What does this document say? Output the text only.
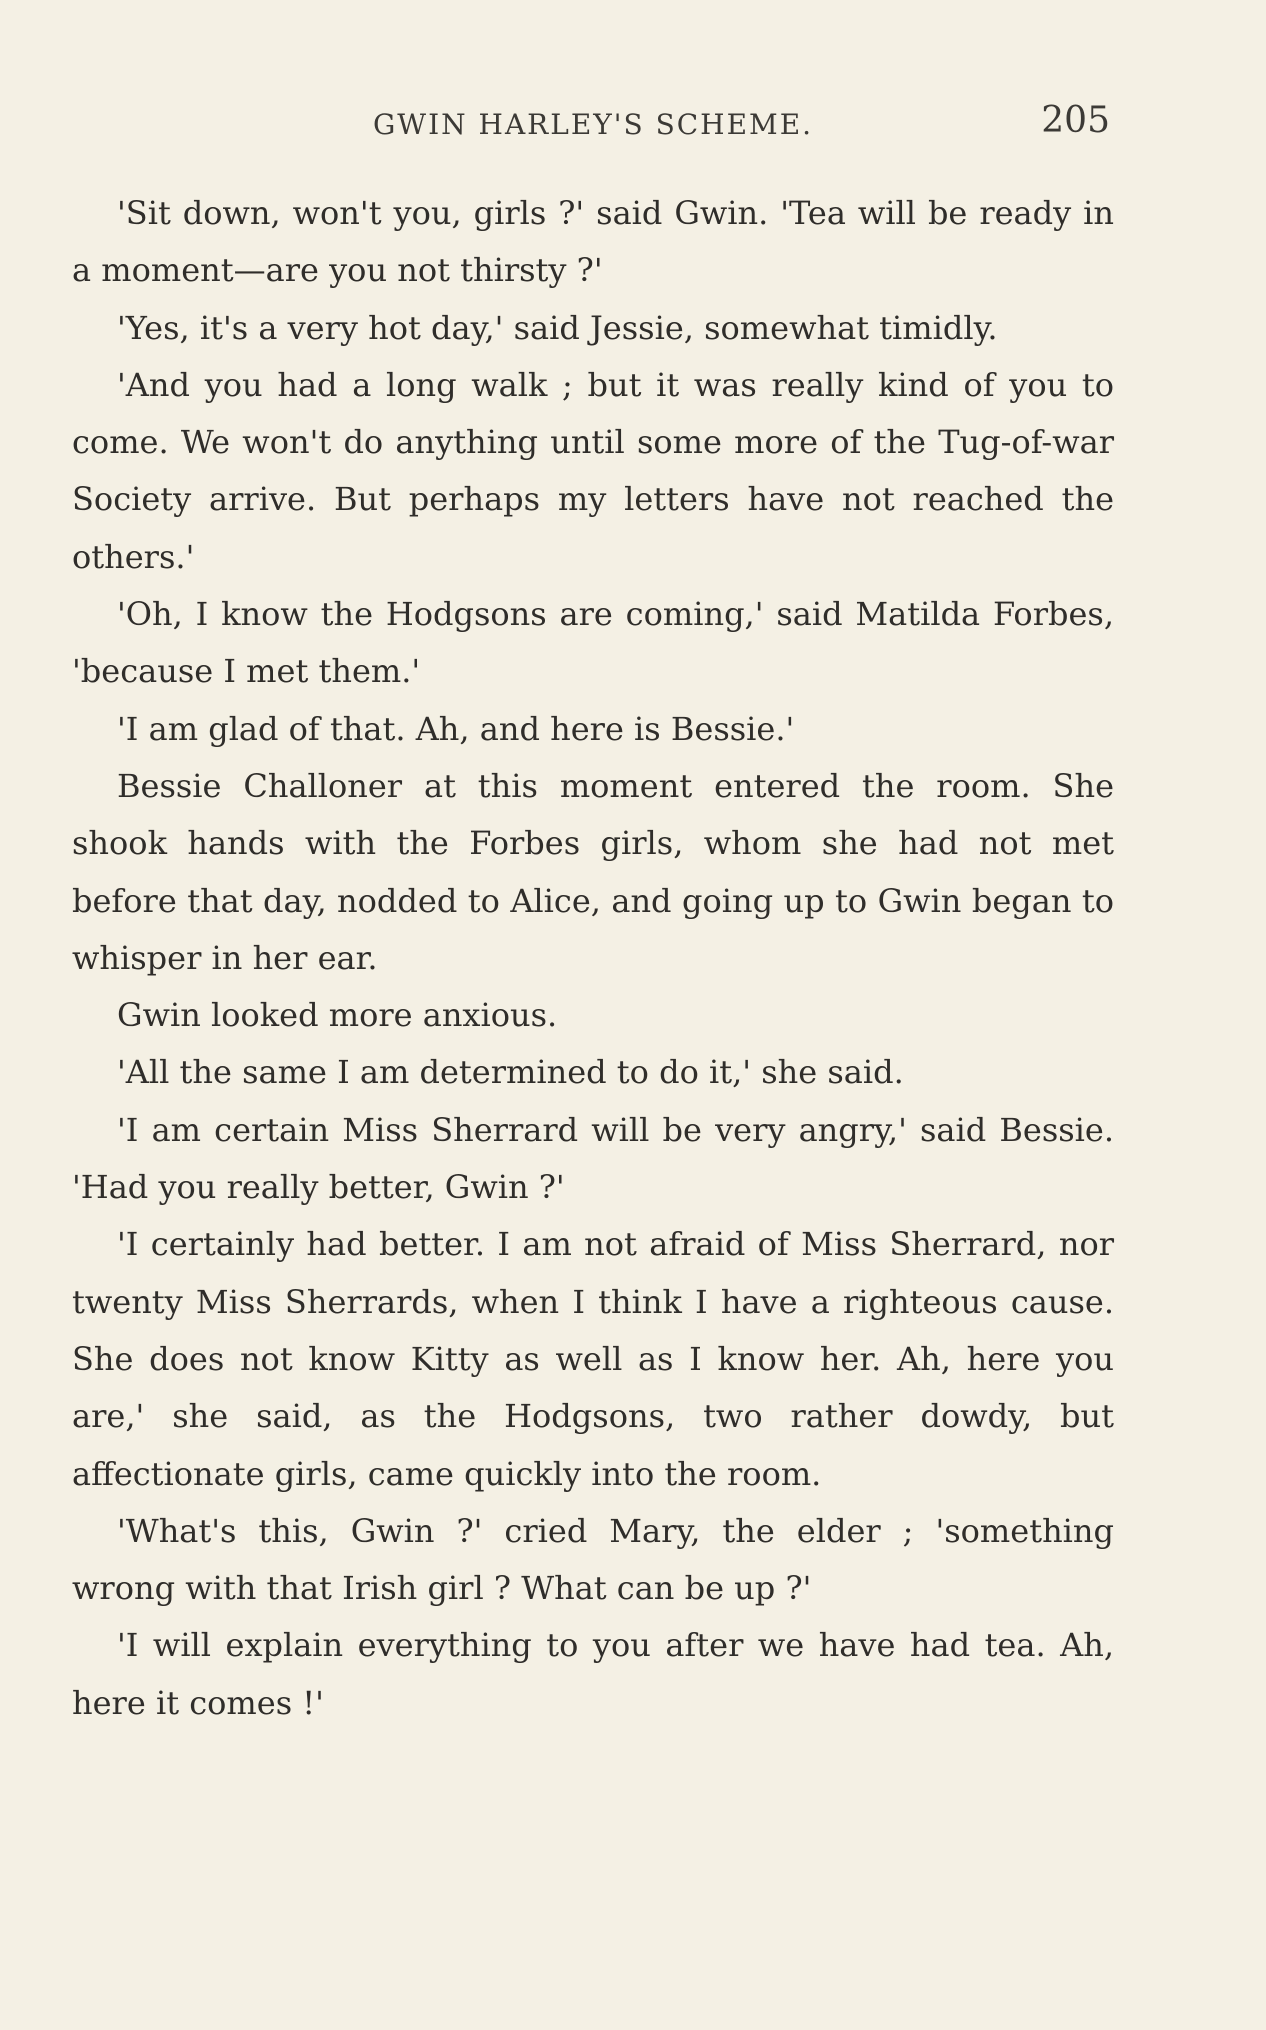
GWIN HARLEY'S SCHEME.	205

'Sit down, won't you, girls ?' said Gwin. 'Tea will be ready in a moment—are you not thirsty ?'

'Yes, it's a very hot day,' said Jessie, somewhat timidly.

'And you had a long walk ; but it was really kind of you to come. We won't do anything until some more of the Tug-of-war Society arrive. But perhaps my letters have not reached the others.'

'Oh, I know the Hodgsons are coming,' said Matilda Forbes, 'because I met them.'

'I am glad of that. Ah, and here is Bessie.'

Bessie Challoner at this moment entered the room. She shook hands with the Forbes girls, whom she had not met before that day, nodded to Alice, and going up to Gwin began to whisper in her ear.

Gwin looked more anxious.

'All the same I am determined to do it,' she said.

'I am certain Miss Sherrard will be very angry,' said Bessie. 'Had you really better, Gwin ?'

'I certainly had better. I am not afraid of Miss Sherrard, nor twenty Miss Sherrards, when I think I have a righteous cause. She does not know Kitty as well as I know her. Ah, here you are,' she said, as the Hodgsons, two rather dowdy, but affectionate girls, came quickly into the room.

'What's this, Gwin ?' cried Mary, the elder ; 'something wrong with that Irish girl ? What can be up ?'

'I will explain everything to you after we have had tea. Ah, here it comes !'
